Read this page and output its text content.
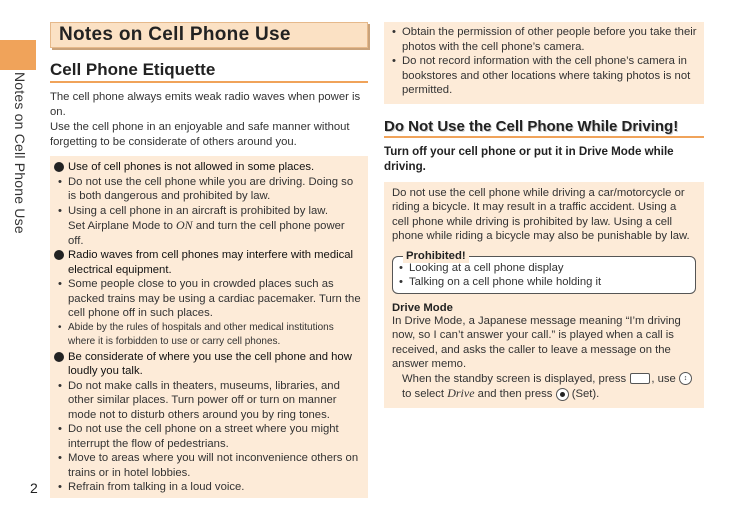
Notes on Cell Phone Use
2
Notes on Cell Phone Use
Cell Phone Etiquette

The cell phone always emits weak radio waves when power is on.

Use the cell phone in an enjoyable and safe manner without forgetting to be considerate of others around you.

Use of cell phones is not allowed in some places.
• Do not use the cell phone while you are driving. Doing so is both dangerous and prohibited by law.
• Using a cell phone in an aircraft is prohibited by law.
Set Airplane Mode to ON and turn the cell phone power off.
Radio waves from cell phones may interfere with medical electrical equipment.
• Some people close to you in crowded places such as packed trains may be using a cardiac pacemaker. Turn the cell phone off in such places.
• Abide by the rules of hospitals and other medical institutions where it is forbidden to use or carry cell phones.
Be considerate of where you use the cell phone and how loudly you talk.
• Do not make calls in theaters, museums, libraries, and other similar places. Turn power off or turn on manner mode not to disturb others around you by ring tones.
• Do not use the cell phone on a street where you might interrupt the flow of pedestrians.
• Move to areas where you will not inconvenience others on trains or in hotel lobbies.
• Refrain from talking in a loud voice.
• Obtain the permission of other people before you take their photos with the cell phone’s camera.
• Do not record information with the cell phone’s camera in bookstores and other locations where taking photos is not permitted.
Do Not Use the Cell Phone While Driving!
Turn off your cell phone or put it in Drive Mode while driving.

Do not use the cell phone while driving a car/motorcycle or riding a bicycle. It may result in a traffic accident. Using a cell phone while driving is prohibited by law. Using a cell phone while riding a bicycle may also be punishable by law.

Prohibited!
• Looking at a cell phone display
• Talking on a cell phone while holding it
Drive Mode

In Drive Mode, a Japanese message meaning “I’m driving now, so I can’t answer your call.” is played when a call is received, and asks the caller to leave a message on the answer memo.

When the standby screen is displayed, press , use ↕ to select Drive and then press  (Set).
